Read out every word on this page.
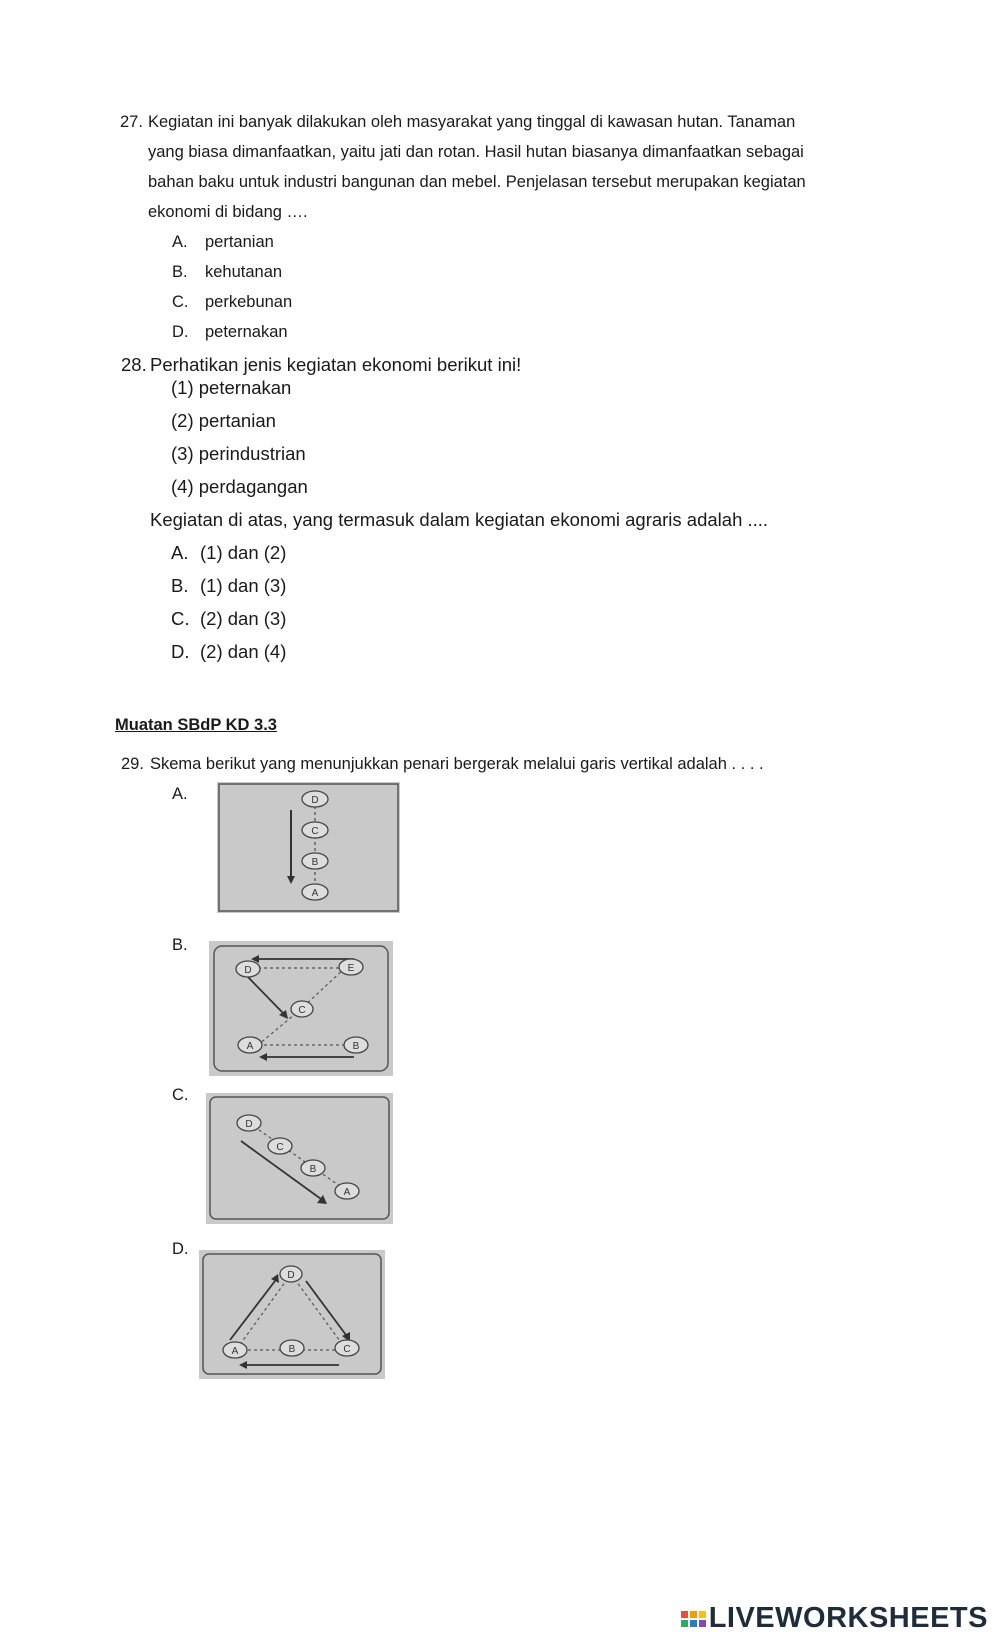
27. Kegiatan ini banyak dilakukan oleh masyarakat yang tinggal di kawasan hutan. Tanaman
yang biasa dimanfaatkan, yaitu jati dan rotan. Hasil hutan biasanya dimanfaatkan sebagai
bahan baku untuk industri bangunan dan mebel. Penjelasan tersebut merupakan kegiatan
ekonomi di bidang ….
A. pertanian
B. kehutanan
C. perkebunan
D. peternakan
28. Perhatikan jenis kegiatan ekonomi berikut ini!
(1) peternakan
(2) pertanian
(3) perindustrian
(4) perdagangan
Kegiatan di atas, yang termasuk dalam kegiatan ekonomi agraris adalah ....
A. (1) dan (2)
B. (1) dan (3)
C. (2) dan (3)
D. (2) dan (4)
Muatan SBdP KD 3.3
29. Skema berikut yang menunjukkan penari bergerak melalui garis vertikal adalah . . . .
A.	D
C
B
A
B.
D	E
C
A	B
C.
D
C
B
A
D.
D
A	B	C
LIVEWORKSHEETS
